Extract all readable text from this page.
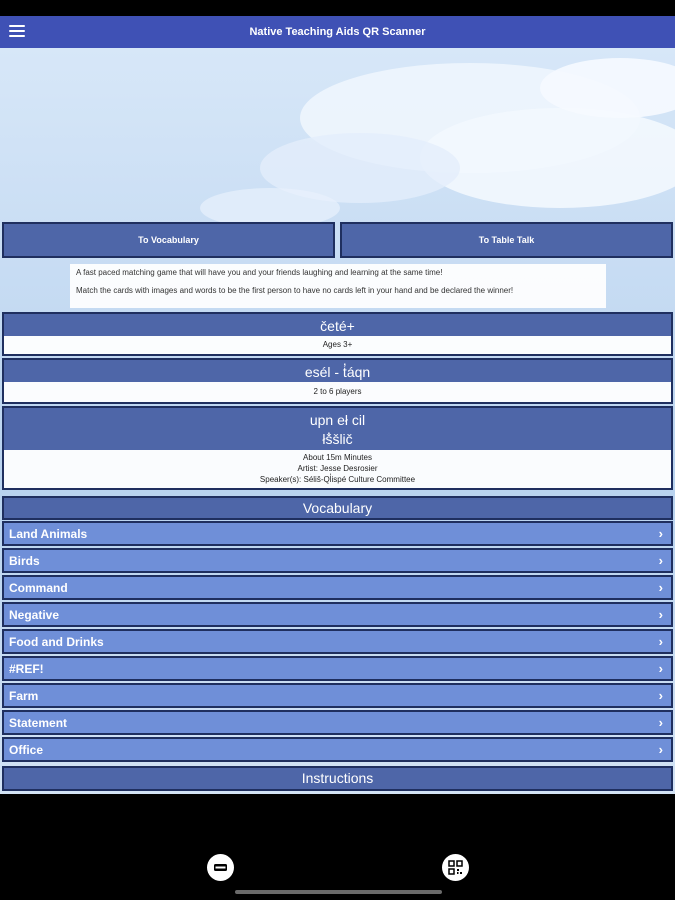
Native Teaching Aids QR Scanner
To Vocabulary	To Table Talk

A fast paced matching game that will have you and your friends laughing and learning at the same time!

Match the cards with images and words to be the first person to have no cards left in your hand and be declared the winner!

četé+
Ages 3+
esél - t̓áqn
2 to 6 players
upn eł cil
łš̓šlič
About 15m Minutes
Artist: Jesse Desrosier
Speaker(s): Séliš-Ql̓ispé Culture Committee
Vocabulary
Land Animals	›
Birds	›
Command	›
Negative	›
Food and Drinks	›
#REF!	›
Farm	›
Statement	›
Office	›
Instructions
